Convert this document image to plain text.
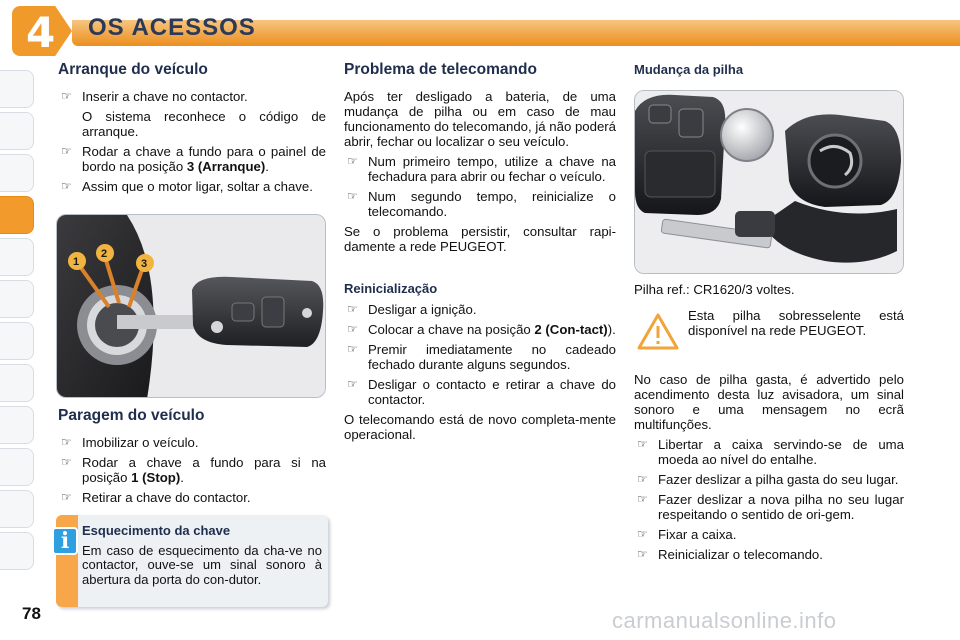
4 OS ACESSOS
Arranque do veículo
☞ Inserir a chave no contactor.
O sistema reconhece o código de arranque.
☞ Rodar a chave a fundo para o painel de bordo na posição 3 (Arranque).
☞ Assim que o motor ligar, soltar a chave.
1
2
3
Paragem do veículo
☞ Imobilizar o veículo.
☞ Rodar a chave a fundo para si na posição 1 (Stop).
☞ Retirar a chave do contactor.
i Esquecimento da chave
Em caso de esquecimento da cha-ve no contactor, ouve-se um sinal sonoro à abertura da porta do con-dutor.
Problema de telecomando

Após ter desligado a bateria, de uma mudança de pilha ou em caso de mau funcionamento do telecomando, já não poderá abrir, fechar ou localizar o seu veículo.

☞ Num primeiro tempo, utilize a chave na fechadura para abrir ou fechar o veículo.
☞ Num segundo tempo, reinicialize o telecomando.

Se o problema persistir, consultar rapi-damente a rede PEUGEOT.

Reinicialização
☞ Desligar a ignição.
☞ Colocar a chave na posição 2 (Con-tact)).
☞ Premir imediatamente no cadeado fechado durante alguns segundos.
☞ Desligar o contacto e retirar a chave do contactor.

O telecomando está de novo completa-mente operacional.

Mudança da pilha

Pilha ref.: CR1620/3 voltes.

Esta pilha sobresselente está disponível na rede PEUGEOT.

No caso de pilha gasta, é advertido pelo acendimento desta luz avisadora, um sinal sonoro e uma mensagem no ecrã multifunções.

☞ Libertar a caixa servindo-se de uma moeda ao nível do entalhe.
☞ Fazer deslizar a pilha gasta do seu lugar.
☞ Fazer deslizar a nova pilha no seu lugar respeitando o sentido de ori-gem.
☞ Fixar a caixa.
☞ Reinicializar o telecomando.
78	carmanualsonline.info
